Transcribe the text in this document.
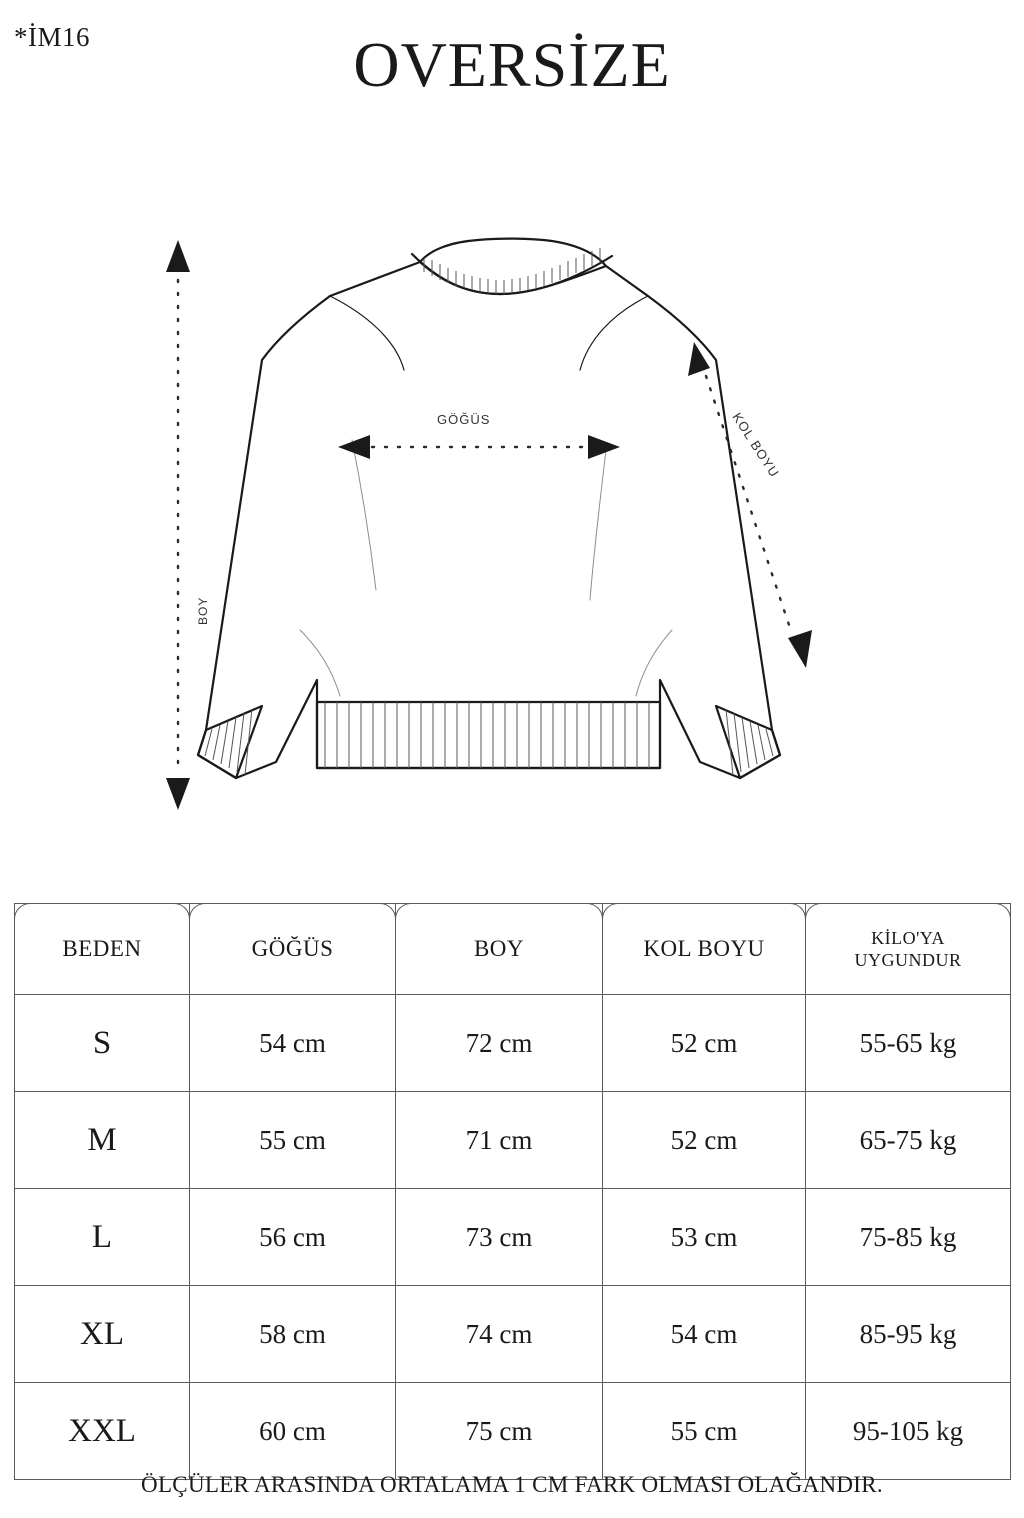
*İM16	OVERSİZE
GÖĞÜS
BOY
KOL BOYU
BEDEN	GÖĞÜS	BOY	KOL BOYU	KİLO'YA
UYGUNDUR

S	54 cm	72 cm	52 cm	55-65 kg
M	55 cm	71 cm	52 cm	65-75 kg
L	56 cm	73 cm	53 cm	75-85 kg
XL	58 cm	74 cm	54 cm	85-95 kg
XXL	60 cm	75 cm	55 cm	95-105 kg
ÖLÇÜLER ARASINDA ORTALAMA 1 CM FARK OLMASI OLAĞANDIR.
